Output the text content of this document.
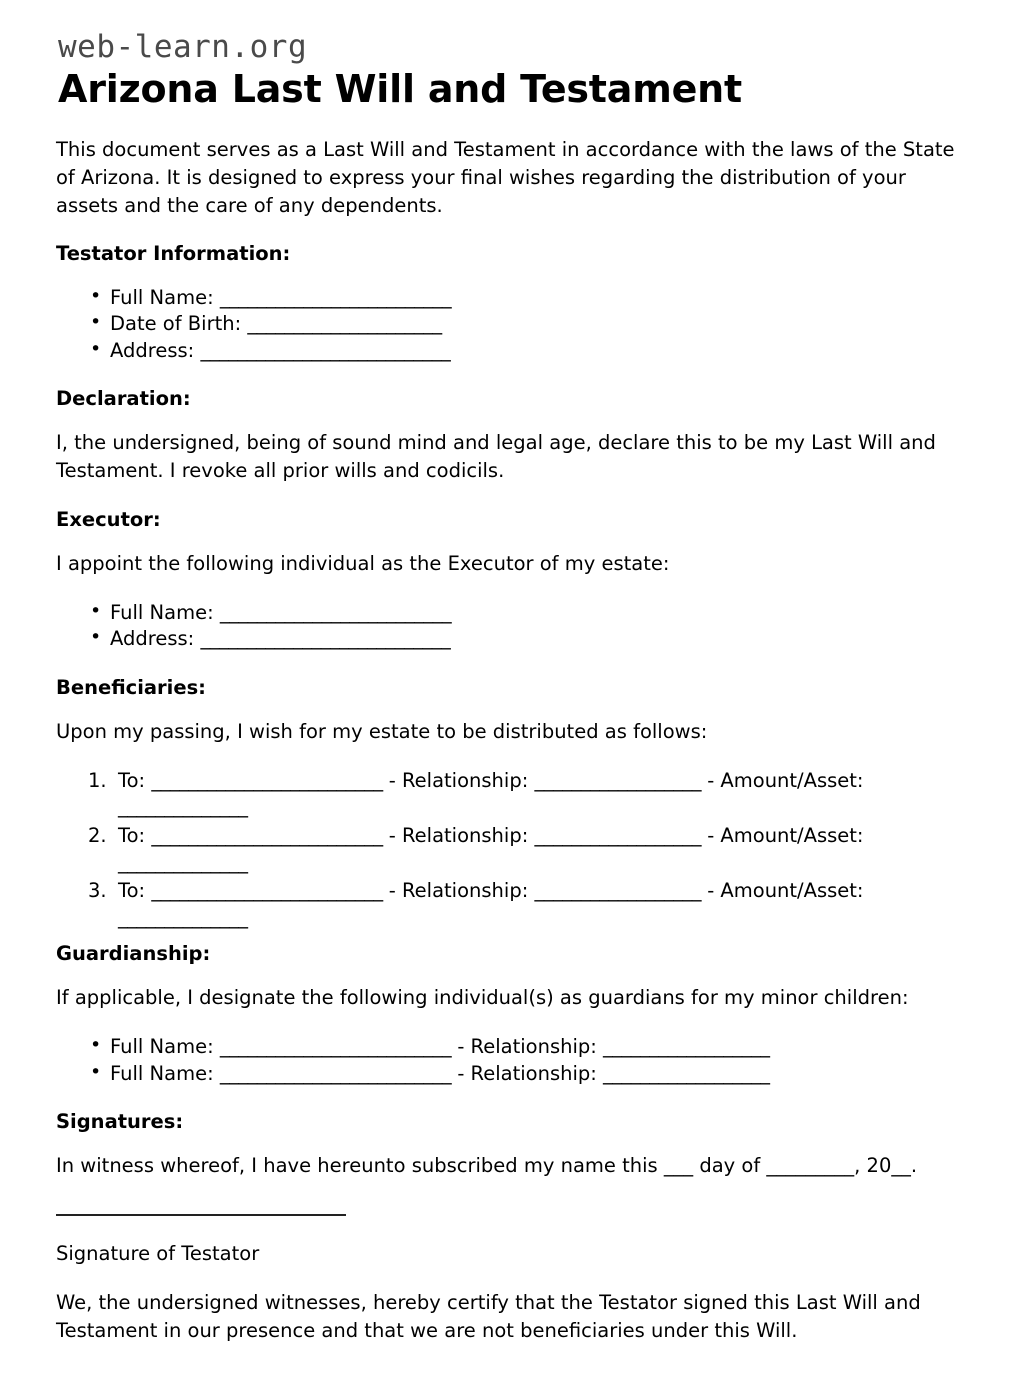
web-learn.org
Arizona Last Will and Testament

This document serves as a Last Will and Testament in accordance with the laws of the State of Arizona. It is designed to express your final wishes regarding the distribution of your assets and the care of any dependents.

Testator Information:
• Full Name: _________________________
• Date of Birth: _____________________
• Address: ___________________________
Declaration:

I, the undersigned, being of sound mind and legal age, declare this to be my Last Will and Testament. I revoke all prior wills and codicils.

Executor:

I appoint the following individual as the Executor of my estate:

• Full Name: _________________________
• Address: ___________________________
Beneficiaries:

Upon my passing, I wish for my estate to be distributed as follows:

To: _________________________ - Relationship: __________________ - Amount/Asset: ______________
To: _________________________ - Relationship: __________________ - Amount/Asset: ______________
To: _________________________ - Relationship: __________________ - Amount/Asset: ______________
Guardianship:

If applicable, I designate the following individual(s) as guardians for my minor children:

• Full Name: _________________________ - Relationship: __________________
• Full Name: _________________________ - Relationship: __________________
Signatures:

In witness whereof, I have hereunto subscribed my name this ___ day of _________, 20__.

Signature of Testator

We, the undersigned witnesses, hereby certify that the Testator signed this Last Will and Testament in our presence and that we are not beneficiaries under this Will.
